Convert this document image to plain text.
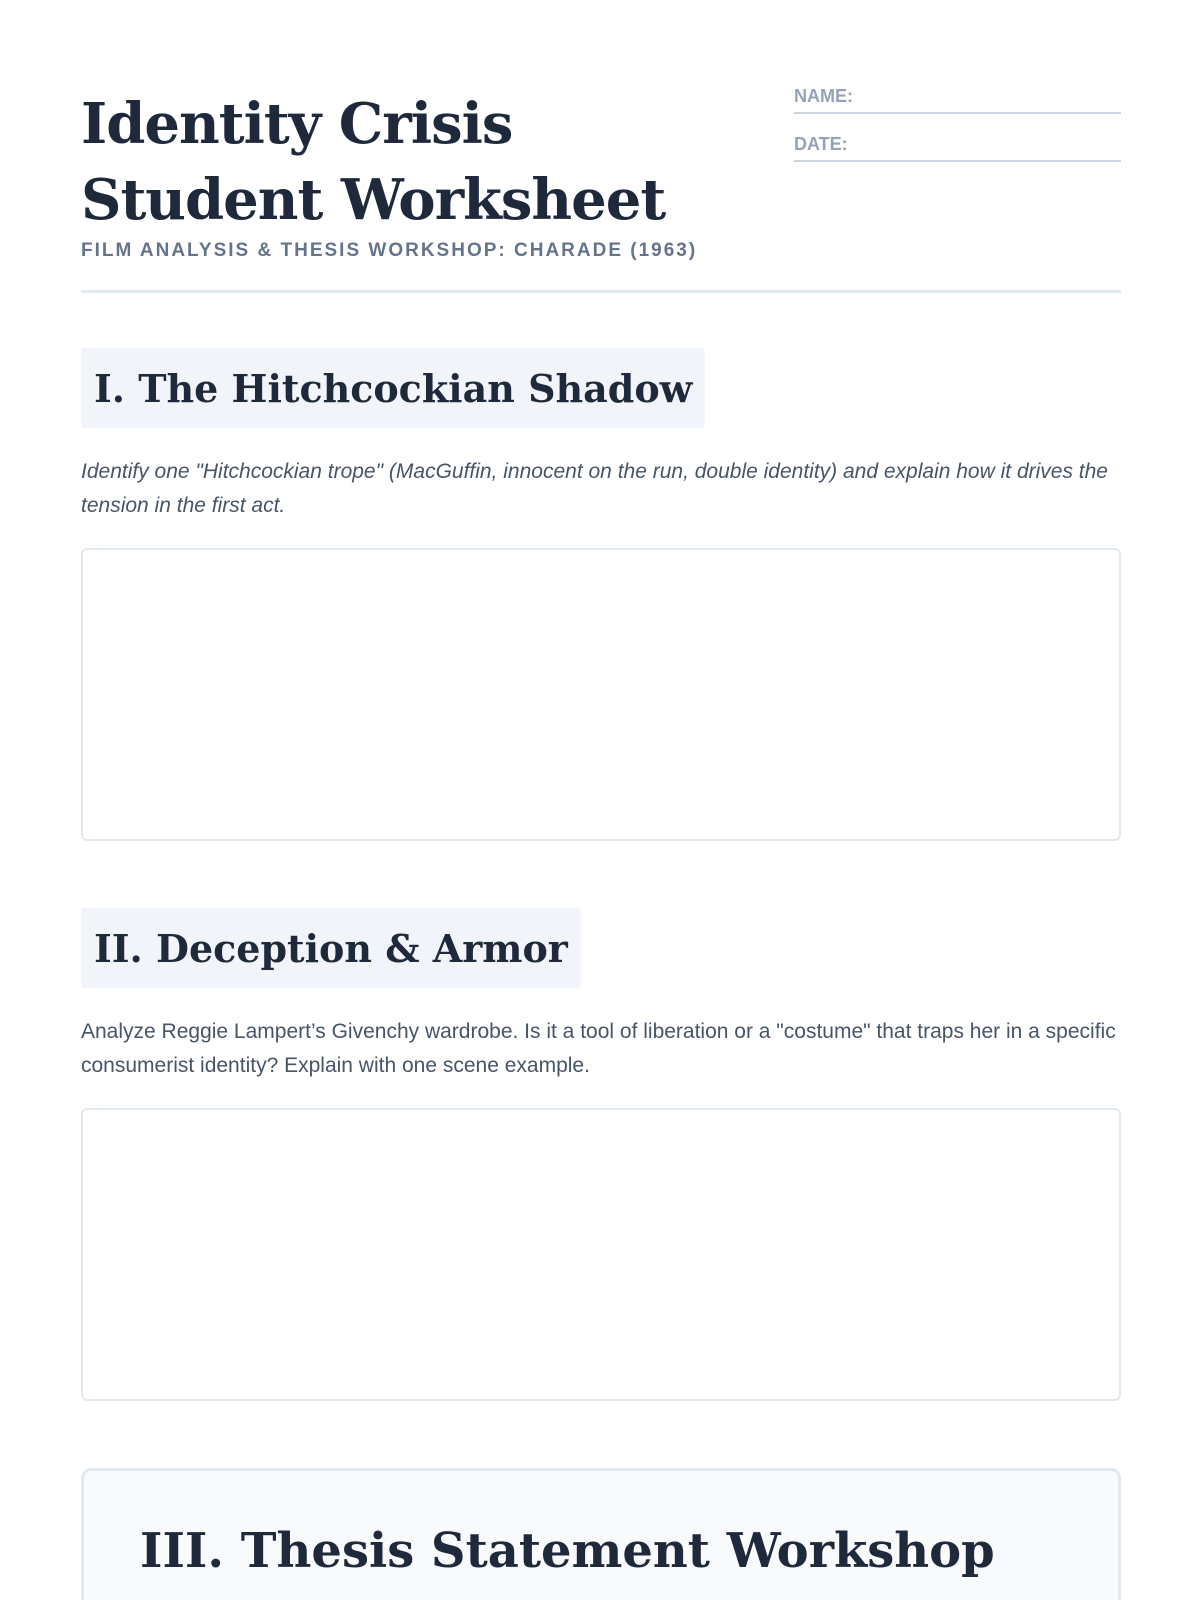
Identity Crisis Student Worksheet
FILM ANALYSIS & THESIS WORKSHOP: CHARADE (1963)
NAME:
DATE:
I. The Hitchcockian Shadow

Identify one "Hitchcockian trope" (MacGuffin, innocent on the run, double identity) and explain how it drives the tension in the first act.

II. Deception & Armor

Analyze Reggie Lampert’s Givenchy wardrobe. Is it a tool of liberation or a "costume" that traps her in a specific consumerist identity? Explain with one scene example.

III. Thesis Statement Workshop
